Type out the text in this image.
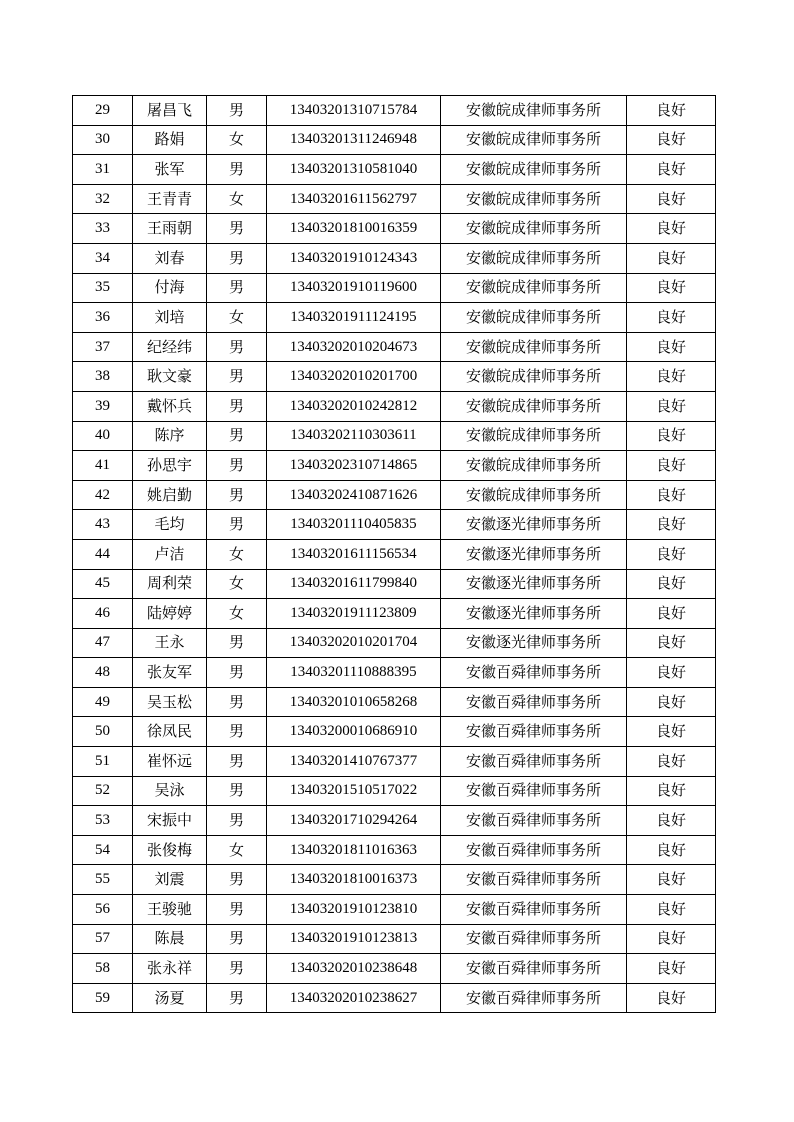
29	屠昌飞	男	13403201310715784	安徽皖成律师事务所	良好
30	路娟	女	13403201311246948	安徽皖成律师事务所	良好
31	张军	男	13403201310581040	安徽皖成律师事务所	良好
32	王青青	女	13403201611562797	安徽皖成律师事务所	良好
33	王雨朝	男	13403201810016359	安徽皖成律师事务所	良好
34	刘春	男	13403201910124343	安徽皖成律师事务所	良好
35	付海	男	13403201910119600	安徽皖成律师事务所	良好
36	刘培	女	13403201911124195	安徽皖成律师事务所	良好
37	纪经纬	男	13403202010204673	安徽皖成律师事务所	良好
38	耿文豪	男	13403202010201700	安徽皖成律师事务所	良好
39	戴怀兵	男	13403202010242812	安徽皖成律师事务所	良好
40	陈序	男	13403202110303611	安徽皖成律师事务所	良好
41	孙思宇	男	13403202310714865	安徽皖成律师事务所	良好
42	姚启勤	男	13403202410871626	安徽皖成律师事务所	良好
43	毛均	男	13403201110405835	安徽逐光律师事务所	良好
44	卢洁	女	13403201611156534	安徽逐光律师事务所	良好
45	周利荣	女	13403201611799840	安徽逐光律师事务所	良好
46	陆婷婷	女	13403201911123809	安徽逐光律师事务所	良好
47	王永	男	13403202010201704	安徽逐光律师事务所	良好
48	张友军	男	13403201110888395	安徽百舜律师事务所	良好
49	吴玉松	男	13403201010658268	安徽百舜律师事务所	良好
50	徐凤民	男	13403200010686910	安徽百舜律师事务所	良好
51	崔怀远	男	13403201410767377	安徽百舜律师事务所	良好
52	吴泳	男	13403201510517022	安徽百舜律师事务所	良好
53	宋振中	男	13403201710294264	安徽百舜律师事务所	良好
54	张俊梅	女	13403201811016363	安徽百舜律师事务所	良好
55	刘震	男	13403201810016373	安徽百舜律师事务所	良好
56	王骏驰	男	13403201910123810	安徽百舜律师事务所	良好
57	陈晨	男	13403201910123813	安徽百舜律师事务所	良好
58	张永祥	男	13403202010238648	安徽百舜律师事务所	良好
59	汤夏	男	13403202010238627	安徽百舜律师事务所	良好
